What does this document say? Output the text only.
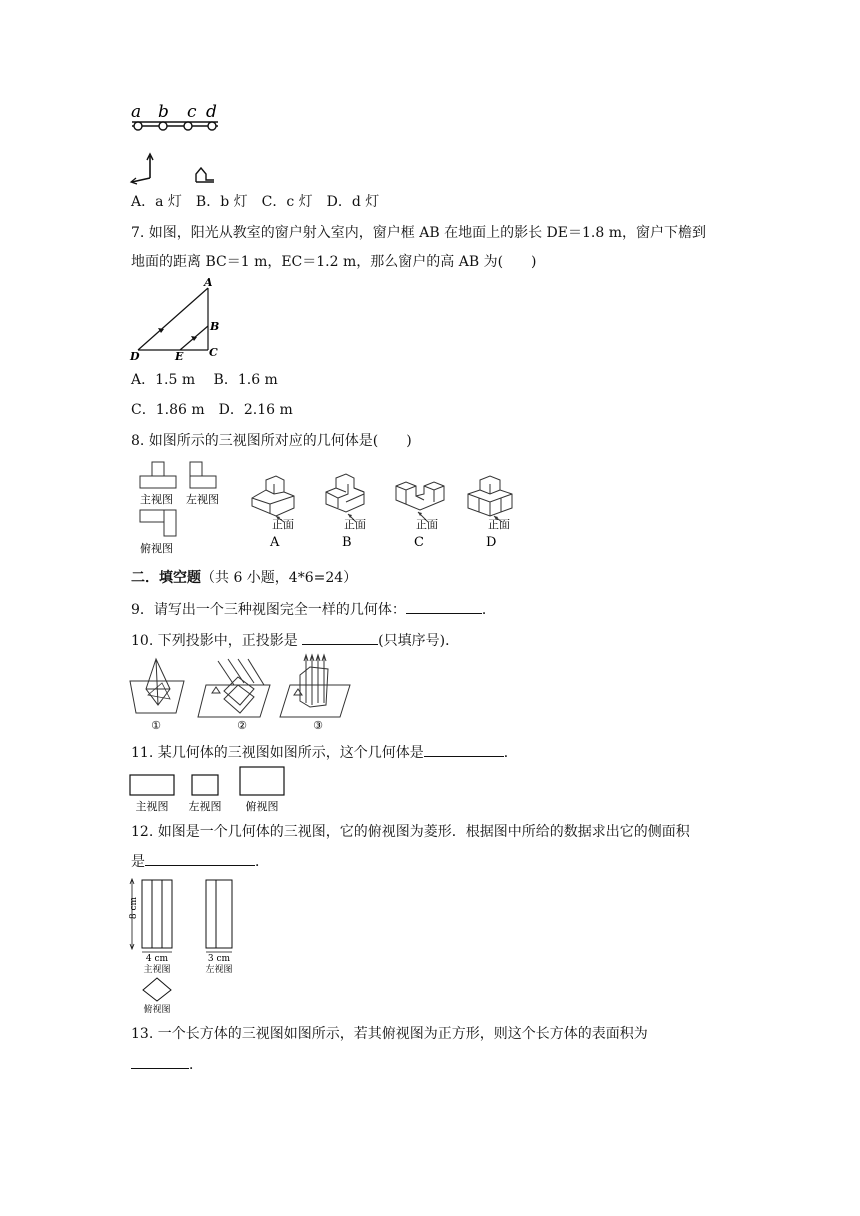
a b c d
A．a 灯　B．b 灯　C．c 灯　D．d 灯
7. 如图，阳光从教室的窗户射入室内，窗户框 AB 在地面上的影长 DE＝1.8 m，窗户下檐到
地面的距离 BC＝1 m，EC＝1.2 m，那么窗户的高 AB 为(　　)
A
B
C
D	E
A．1.5 m　 B．1.6 m
C．1.86 m　D．2.16 m
8. 如图所示的三视图所对应的几何体是(　　)
主视图 左视图
俯视图
正面
A
正面
B
正面
C
正面
D
二．填空题（共 6 小题，4*6=24）
9．请写出一个三种视图完全一样的几何体：	．
10. 下列投影中，正投影是	(只填序号)．
①	②	③
11. 某几何体的三视图如图所示，这个几何体是	．
主视图 左视图 俯视图
12. 如图是一个几何体的三视图，它的俯视图为菱形．根据图中所给的数据求出它的侧面积
是	．
8 cm
4 cm
主视图
3 cm
左视图
俯视图
13. 一个长方体的三视图如图所示，若其俯视图为正方形，则这个长方体的表面积为
．
